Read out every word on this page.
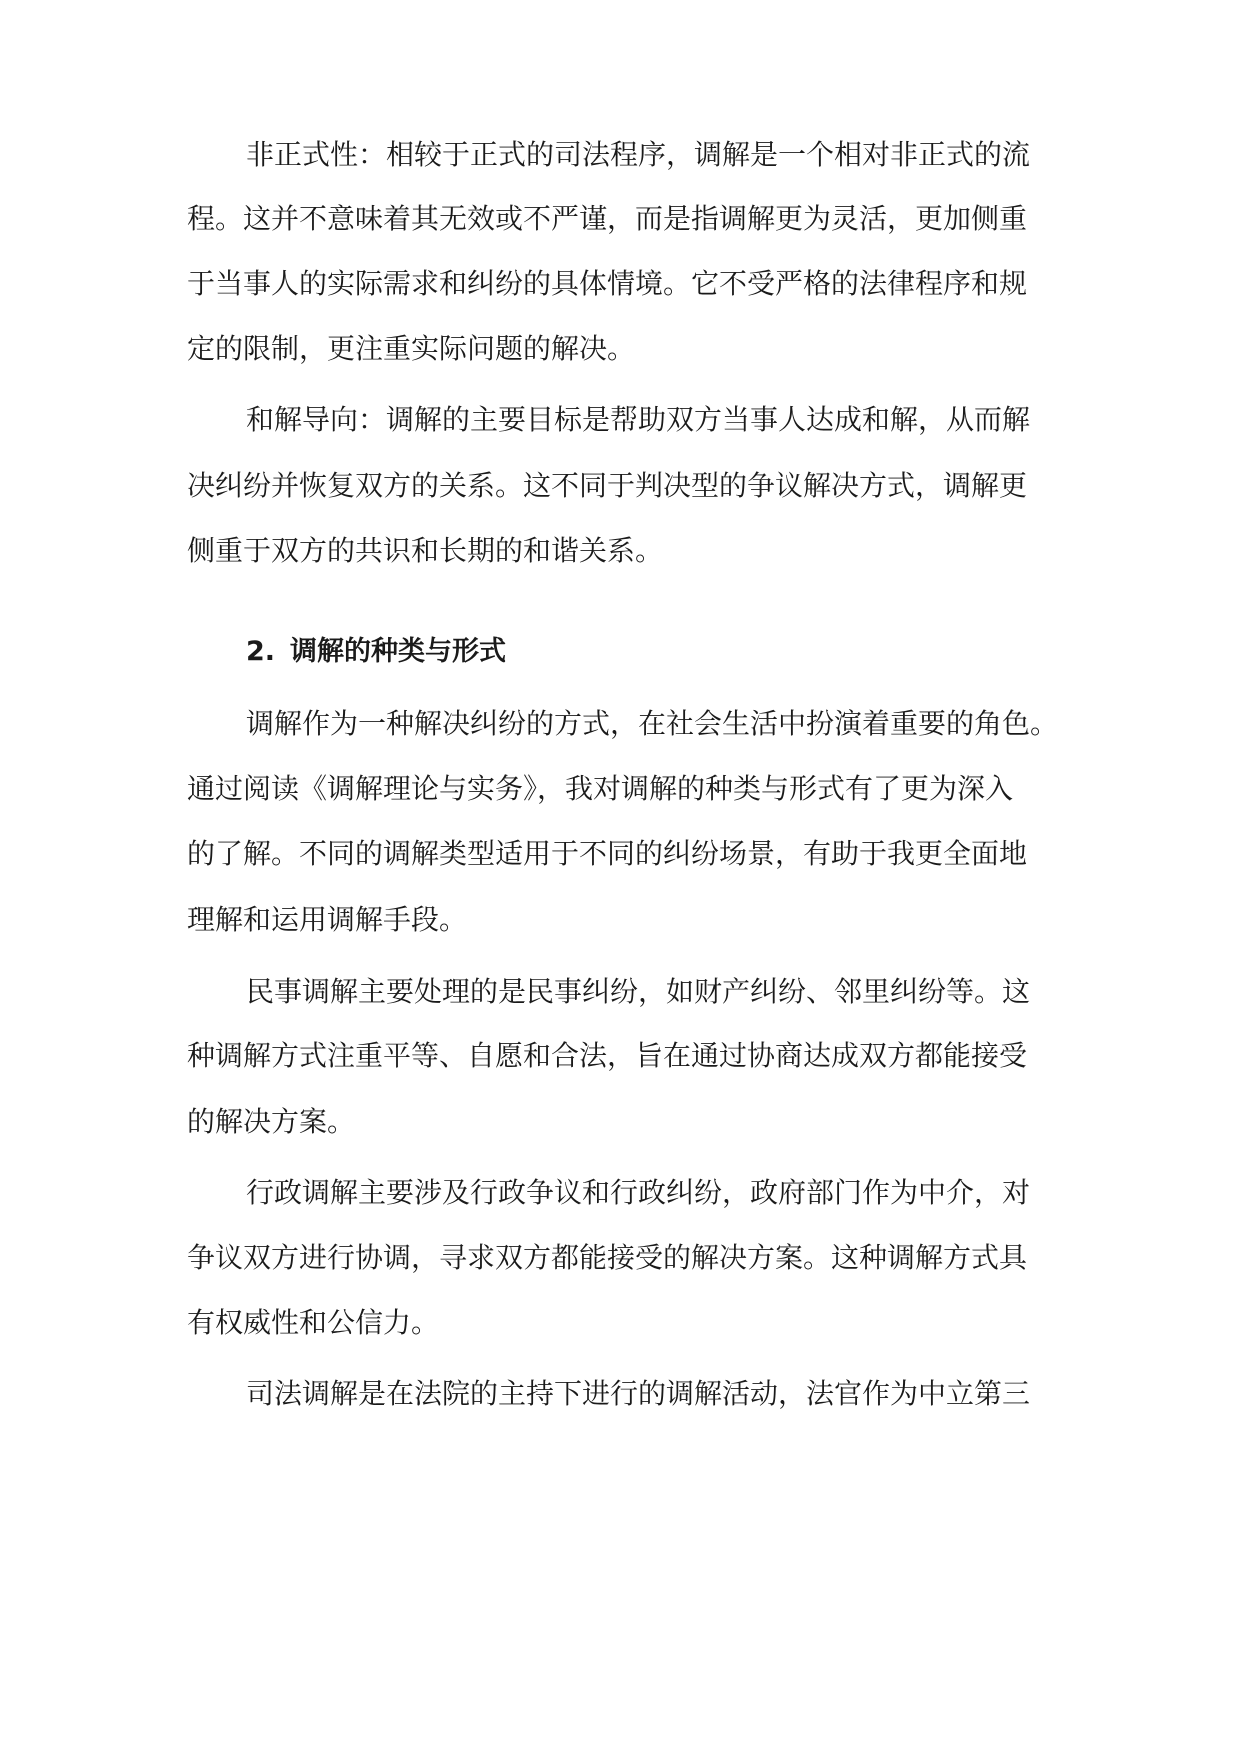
非正式性：相较于正式的司法程序，调解是一个相对非正式的流
程。这并不意味着其无效或不严谨，而是指调解更为灵活，更加侧重
于当事人的实际需求和纠纷的具体情境。它不受严格的法律程序和规
定的限制，更注重实际问题的解决。
和解导向：调解的主要目标是帮助双方当事人达成和解，从而解
决纠纷并恢复双方的关系。这不同于判决型的争议解决方式，调解更
侧重于双方的共识和长期的和谐关系。
2. 调解的种类与形式
调解作为一种解决纠纷的方式，在社会生活中扮演着重要的角色。
通过阅读《调解理论与实务》，我对调解的种类与形式有了更为深入
的了解。不同的调解类型适用于不同的纠纷场景，有助于我更全面地
理解和运用调解手段。
民事调解主要处理的是民事纠纷，如财产纠纷、邻里纠纷等。这
种调解方式注重平等、自愿和合法，旨在通过协商达成双方都能接受
的解决方案。
行政调解主要涉及行政争议和行政纠纷，政府部门作为中介，对
争议双方进行协调，寻求双方都能接受的解决方案。这种调解方式具
有权威性和公信力。
司法调解是在法院的主持下进行的调解活动，法官作为中立第三
